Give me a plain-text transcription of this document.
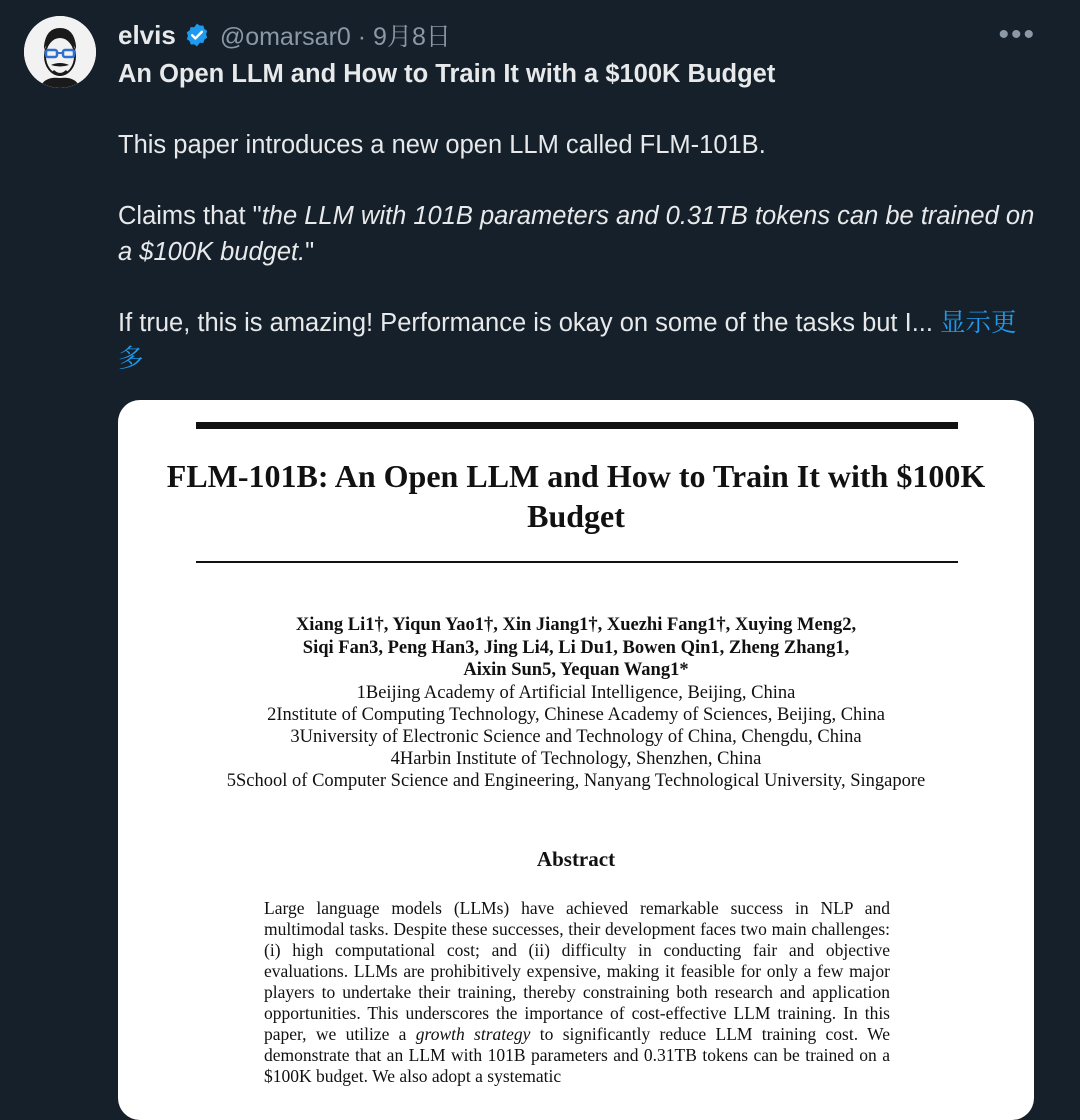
elvis @omarsar0 · 9月8日	•••

An Open LLM and How to Train It with a $100K Budget

This paper introduces a new open LLM called FLM-101B.

Claims that "the LLM with 101B parameters and 0.31TB tokens can be trained on a $100K budget."

If true, this is amazing! Performance is okay on some of the tasks but I... 显示更多

FLM-101B: An Open LLM and How to Train It with $100K Budget
Xiang Li1†, Yiqun Yao1†, Xin Jiang1†, Xuezhi Fang1†, Xuying Meng2,
Siqi Fan3, Peng Han3, Jing Li4, Li Du1, Bowen Qin1, Zheng Zhang1,
Aixin Sun5, Yequan Wang1*
1Beijing Academy of Artificial Intelligence, Beijing, China
2Institute of Computing Technology, Chinese Academy of Sciences, Beijing, China
3University of Electronic Science and Technology of China, Chengdu, China
4Harbin Institute of Technology, Shenzhen, China
5School of Computer Science and Engineering, Nanyang Technological University, Singapore
Abstract
Large language models (LLMs) have achieved remarkable success in NLP and multimodal tasks. Despite these successes, their development faces two main challenges: (i) high computational cost; and (ii) difficulty in conducting fair and objective evaluations. LLMs are prohibitively expensive, making it feasible for only a few major players to undertake their training, thereby constraining both research and application opportunities. This underscores the importance of cost-effective LLM training. In this paper, we utilize a growth strategy to significantly reduce LLM training cost. We demonstrate that an LLM with 101B parameters and 0.31TB tokens can be trained on a $100K budget. We also adopt a systematic
